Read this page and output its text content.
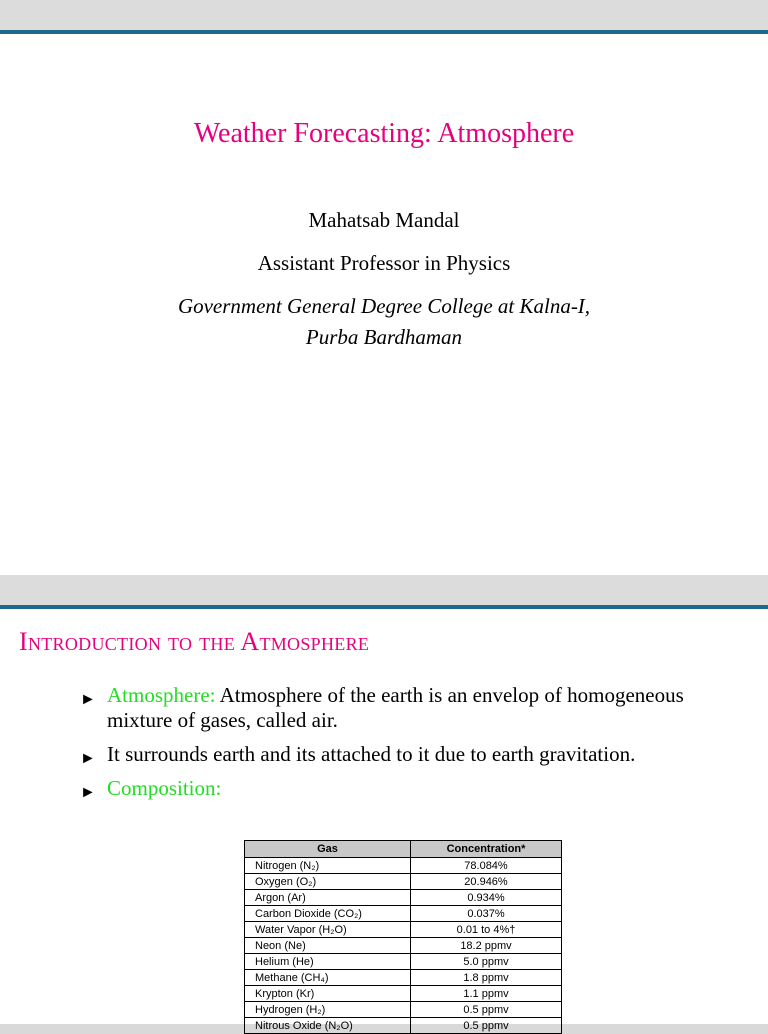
Weather Forecasting: Atmosphere
Mahatsab Mandal
Assistant Professor in Physics
Government General Degree College at Kalna-I,
Purba Bardhaman
Introduction to the Atmosphere
► Atmosphere: Atmosphere of the earth is an envelop of homogeneous mixture of gases, called air.
► It surrounds earth and its attached to it due to earth gravitation.
► Composition:
Gas	Concentration*
Nitrogen (N₂)	78.084%
Oxygen (O₂)	20.946%
Argon (Ar)	0.934%
Carbon Dioxide (CO₂)	0.037%
Water Vapor (H₂O)	0.01 to 4%†
Neon (Ne)	18.2 ppmv
Helium (He)	5.0 ppmv
Methane (CH₄)	1.8 ppmv
Krypton (Kr)	1.1 ppmv
Hydrogen (H₂)	0.5 ppmv
Nitrous Oxide (N₂O)	0.5 ppmv
